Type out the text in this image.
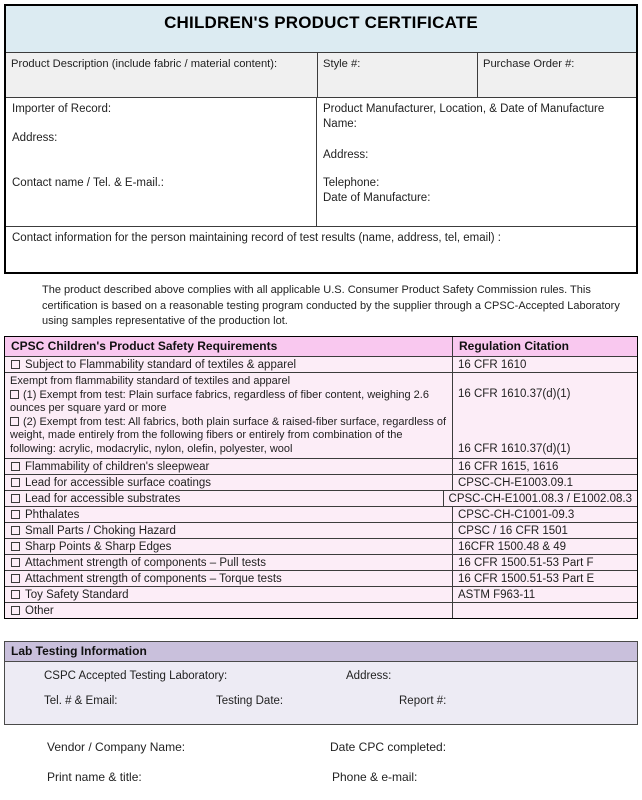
CHILDREN'S PRODUCT CERTIFICATE
Product Description (include fabric / material content):	Style #:	Purchase Order #:
Importer of Record:
Address:
Contact name / Tel. & E-mail.:
Product Manufacturer, Location, & Date of Manufacture
Name:
Address:
Telephone:
Date of Manufacture:
Contact information for the person maintaining record of test results (name, address, tel, email) :
The product described above complies with all applicable U.S. Consumer Product Safety Commission rules. This certification is based on a reasonable testing program conducted by the supplier through a CPSC-Accepted Laboratory using samples representative of the production lot.
CPSC Children's Product Safety Requirements	Regulation Citation
Subject to Flammability standard of textiles & apparel	16 CFR 1610
Exempt from flammability standard of textiles and apparel
(1) Exempt from test: Plain surface fabrics, regardless of fiber content, weighing 2.6 ounces per square yard or more
(2) Exempt from test: All fabrics, both plain surface & raised-fiber surface, regardless of weight, made entirely from the following fibers or entirely from combination of the following: acrylic, modacrylic, nylon, olefin, polyester, wool
16 CFR 1610.37(d)(1)
16 CFR 1610.37(d)(1)
Flammability of children's sleepwear	16 CFR 1615, 1616
Lead for accessible surface coatings	CPSC-CH-E1003.09.1
Lead for accessible substrates	CPSC-CH-E1001.08.3 / E1002.08.3
Phthalates	CPSC-CH-C1001-09.3
Small Parts / Choking Hazard	CPSC / 16 CFR 1501
Sharp Points & Sharp Edges	16CFR 1500.48 & 49
Attachment strength of components – Pull tests	16 CFR 1500.51-53 Part F
Attachment strength of components – Torque tests	16 CFR 1500.51-53 Part E
Toy Safety Standard	ASTM F963-11
Other
Lab Testing Information
CSPC Accepted Testing Laboratory:	Address:
Tel. # & Email:	Testing Date:	Report #:
Vendor / Company Name:	Date CPC completed:
Print name & title:	Phone & e-mail:
